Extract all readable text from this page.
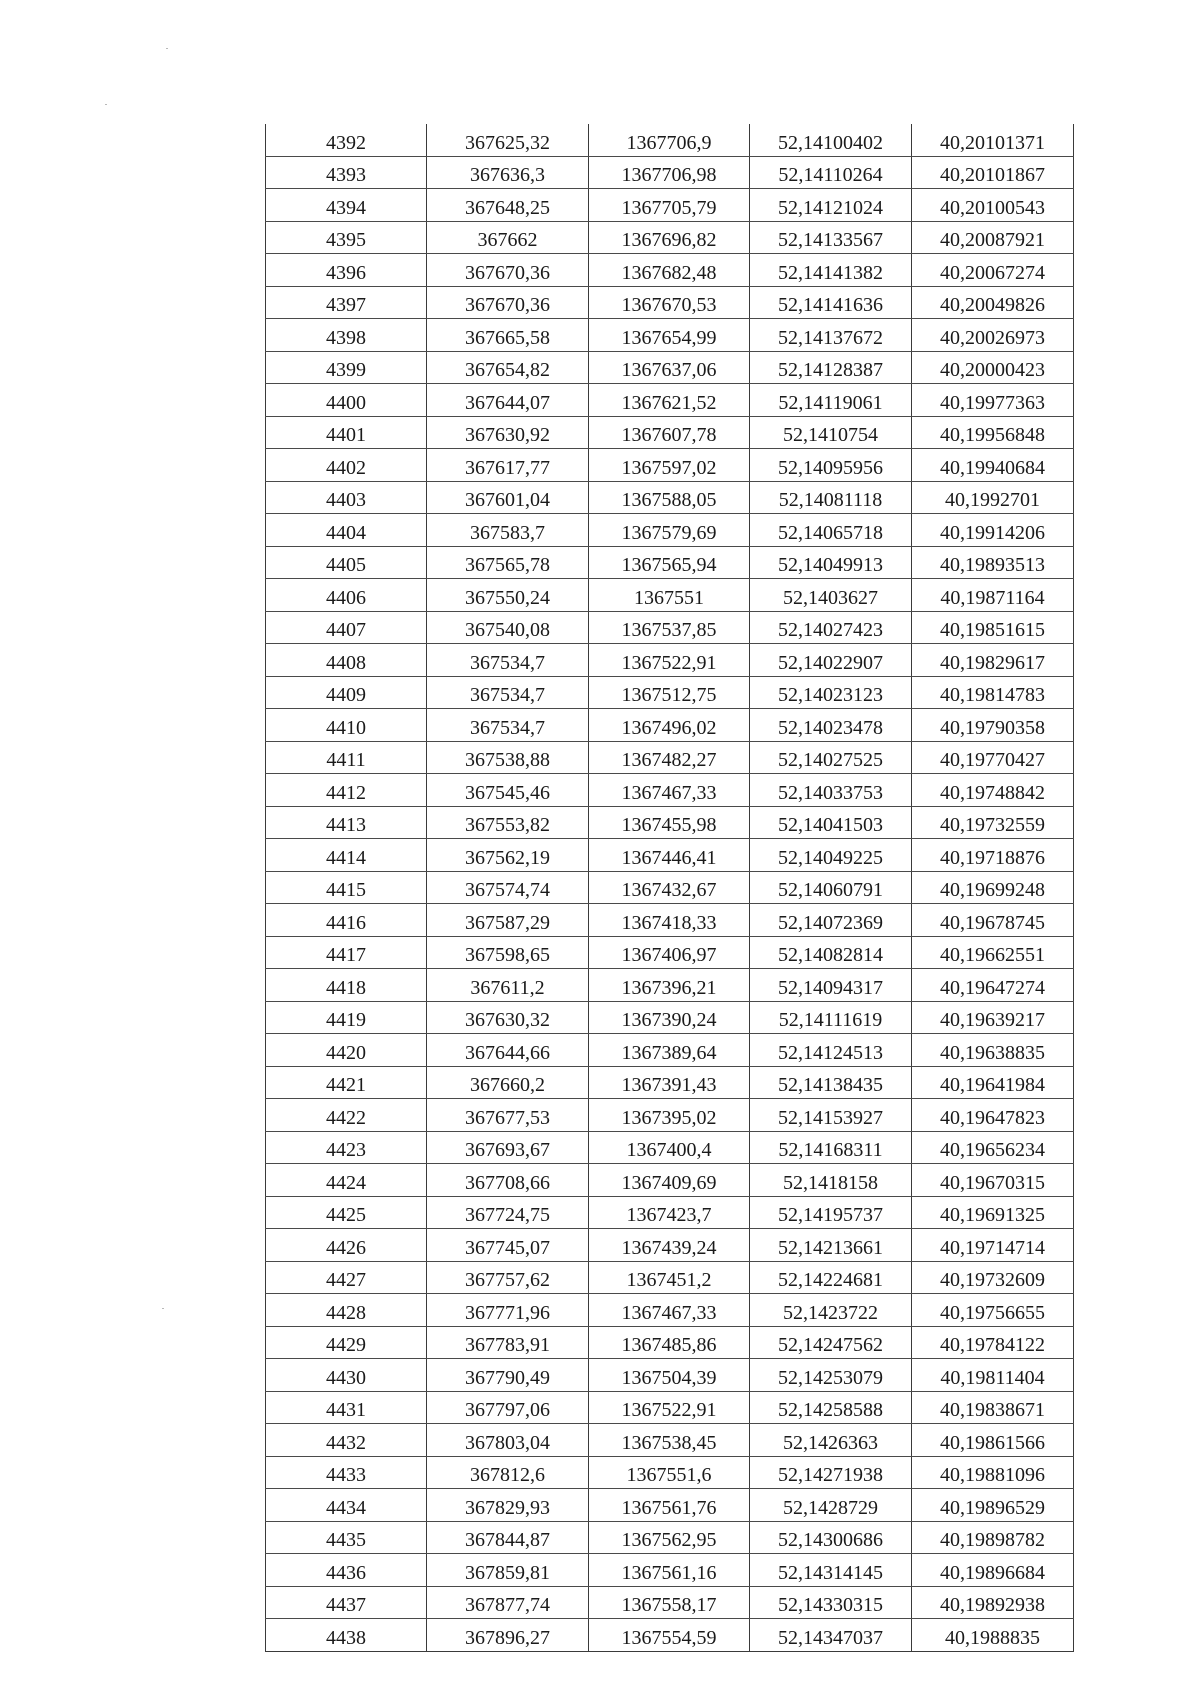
4392	367625,32	1367706,9	52,14100402	40,20101371
4393	367636,3	1367706,98	52,14110264	40,20101867
4394	367648,25	1367705,79	52,14121024	40,20100543
4395	367662	1367696,82	52,14133567	40,20087921
4396	367670,36	1367682,48	52,14141382	40,20067274
4397	367670,36	1367670,53	52,14141636	40,20049826
4398	367665,58	1367654,99	52,14137672	40,20026973
4399	367654,82	1367637,06	52,14128387	40,20000423
4400	367644,07	1367621,52	52,14119061	40,19977363
4401	367630,92	1367607,78	52,1410754	40,19956848
4402	367617,77	1367597,02	52,14095956	40,19940684
4403	367601,04	1367588,05	52,14081118	40,1992701
4404	367583,7	1367579,69	52,14065718	40,19914206
4405	367565,78	1367565,94	52,14049913	40,19893513
4406	367550,24	1367551	52,1403627	40,19871164
4407	367540,08	1367537,85	52,14027423	40,19851615
4408	367534,7	1367522,91	52,14022907	40,19829617
4409	367534,7	1367512,75	52,14023123	40,19814783
4410	367534,7	1367496,02	52,14023478	40,19790358
4411	367538,88	1367482,27	52,14027525	40,19770427
4412	367545,46	1367467,33	52,14033753	40,19748842
4413	367553,82	1367455,98	52,14041503	40,19732559
4414	367562,19	1367446,41	52,14049225	40,19718876
4415	367574,74	1367432,67	52,14060791	40,19699248
4416	367587,29	1367418,33	52,14072369	40,19678745
4417	367598,65	1367406,97	52,14082814	40,19662551
4418	367611,2	1367396,21	52,14094317	40,19647274
4419	367630,32	1367390,24	52,14111619	40,19639217
4420	367644,66	1367389,64	52,14124513	40,19638835
4421	367660,2	1367391,43	52,14138435	40,19641984
4422	367677,53	1367395,02	52,14153927	40,19647823
4423	367693,67	1367400,4	52,14168311	40,19656234
4424	367708,66	1367409,69	52,1418158	40,19670315
4425	367724,75	1367423,7	52,14195737	40,19691325
4426	367745,07	1367439,24	52,14213661	40,19714714
4427	367757,62	1367451,2	52,14224681	40,19732609
4428	367771,96	1367467,33	52,1423722	40,19756655
4429	367783,91	1367485,86	52,14247562	40,19784122
4430	367790,49	1367504,39	52,14253079	40,19811404
4431	367797,06	1367522,91	52,14258588	40,19838671
4432	367803,04	1367538,45	52,1426363	40,19861566
4433	367812,6	1367551,6	52,14271938	40,19881096
4434	367829,93	1367561,76	52,1428729	40,19896529
4435	367844,87	1367562,95	52,14300686	40,19898782
4436	367859,81	1367561,16	52,14314145	40,19896684
4437	367877,74	1367558,17	52,14330315	40,19892938
4438	367896,27	1367554,59	52,14347037	40,1988835
